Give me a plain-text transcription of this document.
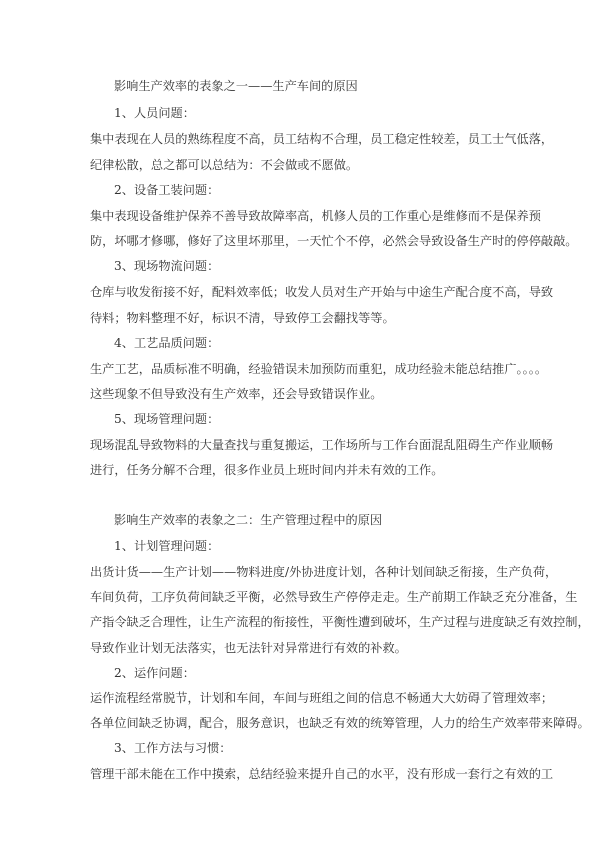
影响生产效率的表象之一——生产车间的原因
1、人员问题：
集中表现在人员的熟练程度不高，员工结构不合理，员工稳定性较差，员工士气低落，
纪律松散，总之都可以总结为：不会做或不愿做。
2、设备工装问题：
集中表现设备维护保养不善导致故障率高，机修人员的工作重心是维修而不是保养预
防，坏哪才修哪，修好了这里坏那里，一天忙个不停，必然会导致设备生产时的停停敲敲。
3、现场物流问题：
仓库与收发衔接不好，配料效率低；收发人员对生产开始与中途生产配合度不高，导致
待料；物料整理不好，标识不清，导致停工会翻找等等。
4、工艺品质问题：
生产工艺，品质标准不明确，经验错误未加预防而重犯，成功经验未能总结推广。。。。
这些现象不但导致没有生产效率，还会导致错误作业。
5、现场管理问题：
现场混乱导致物料的大量查找与重复搬运，工作场所与工作台面混乱阻碍生产作业顺畅
进行，任务分解不合理，很多作业员上班时间内并未有效的工作。
影响生产效率的表象之二：生产管理过程中的原因
1、计划管理问题：
出货计货——生产计划——物料进度/外协进度计划，各种计划间缺乏衔接，生产负荷，
车间负荷，工序负荷间缺乏平衡，必然导致生产停停走走。生产前期工作缺乏充分准备，生
产指令缺乏合理性，让生产流程的衔接性，平衡性遭到破坏，生产过程与进度缺乏有效控制，
导致作业计划无法落实，也无法针对异常进行有效的补救。
2、运作问题：
运作流程经常脱节，计划和车间，车间与班组之间的信息不畅通大大妨碍了管理效率；
各单位间缺乏协调，配合，服务意识，也缺乏有效的统筹管理，人力的给生产效率带来障碍。
3、工作方法与习惯：
管理干部未能在工作中摸索，总结经验来提升自己的水平，没有形成一套行之有效的工
